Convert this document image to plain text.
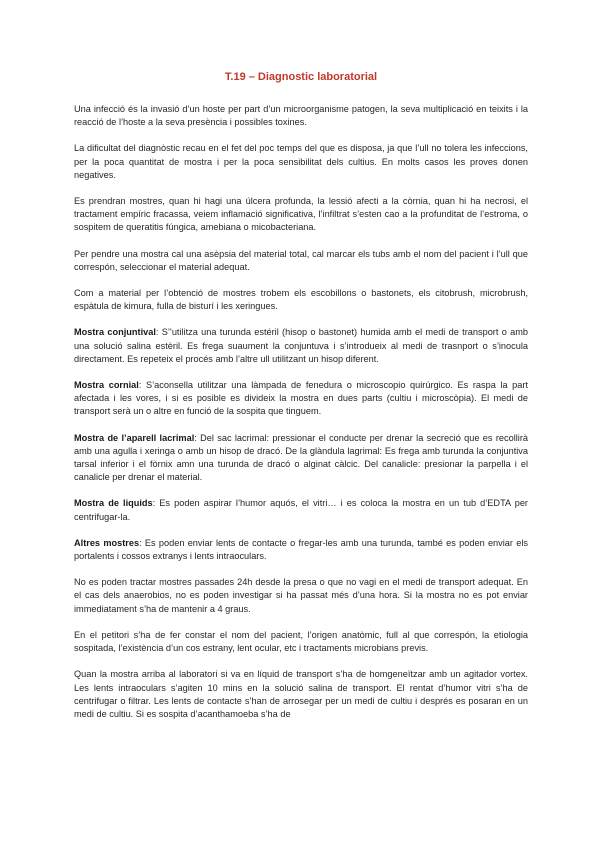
T.19 – Diagnostic laboratorial

Una infecció és la invasió d’un hoste per part d’un microorganisme patogen, la seva multiplicació en teixits i la reacció de l’hoste a la seva presència i possibles toxines.

La dificultat del diagnòstic recau en el fet del poc temps del que es disposa, ja que l’ull no tolera les infeccions, per la poca quantitat de mostra i per la poca sensibilitat dels cultius. En molts casos les proves donen negatives.

Es prendran mostres, quan hi hagi una úlcera profunda, la lessió afecti a la còrnia, quan hi ha necrosi, el tractament empíric fracassa, veiem inflamació significativa, l’infiltrat s’esten cao a la profunditat de l’estroma, o sospitem de queratitis fúngica, amebiana o micobacteriana.

Per pendre una mostra cal una asèpsia del material total, cal marcar els tubs amb el nom del pacient i l’ull que correspón, seleccionar el material adequat.

Com a material per l’obtenció de mostres trobem els escobillons o bastonets, els citobrush, microbrush, espàtula de kimura, fulla de bisturí i les xeringues.

Mostra conjuntival: S’’utilitza una turunda estéril (hisop o bastonet) humida amb el medi de transport o amb una solució salina estèril. Es frega suaument la conjuntuva i s’introdueix al medi de trasnport o s’inocula directament. Es repeteix el procés amb l’altre ull utilitzant un hisop diferent.

Mostra cornial: S’aconsella utilitzar una làmpada de fenedura o microscopio quirúrgico. Es raspa la part afectada i les vores, i si es posible es divideix la mostra en dues parts (cultiu i microscòpia). El medi de transport serà un o altre en funció de la sospita que tinguem.

Mostra de l’aparell lacrimal: Del sac lacrimal: pressionar el conducte per drenar la secreció que es recollirà amb una agulla i xeringa o amb un hisop de dracó. De la glàndula lagrimal: Es frega amb turunda la conjuntiva tarsal inferior i el fòrnix amn una turunda de dracó o alginat càlcic. Del canalicle: presionar la parpella i el canalicle per drenar el material.

Mostra de liquids: Es poden aspirar l’humor aquós, el vitri… i es coloca la mostra en un tub d’EDTA per centrifugar-la.

Altres mostres: Es poden enviar lents de contacte o fregar-les amb una turunda, també es poden enviar els portalents i cossos extranys i lents intraoculars.

No es poden tractar mostres passades 24h desde la presa o que no vagi en el medi de transport adequat. En el cas dels anaerobios, no es poden investigar si ha passat més d’una hora. Si la mostra no es pot enviar immediatament s’ha de mantenir a 4 graus.

En el petitori s’ha de fer constar el nom del pacient, l’origen anatòmic, full al que correspón, la etiologia sospitada, l’existència d’un cos estrany, lent ocular, etc i tractaments microbians previs.

Quan la mostra arriba al laboratori si va en líquid de transport s’ha de homgeneïtzar amb un agitador vortex. Les lents intraoculars s’agiten 10 mins en la solució salina de transport. El rentat d’humor vitri s’ha de centrifugar o filtrar. Les lents de contacte s’han de arrosegar per un medi de cultiu i després es posaran en un medi de cultiu. Si es sospita d’acanthamoeba s’ha de
